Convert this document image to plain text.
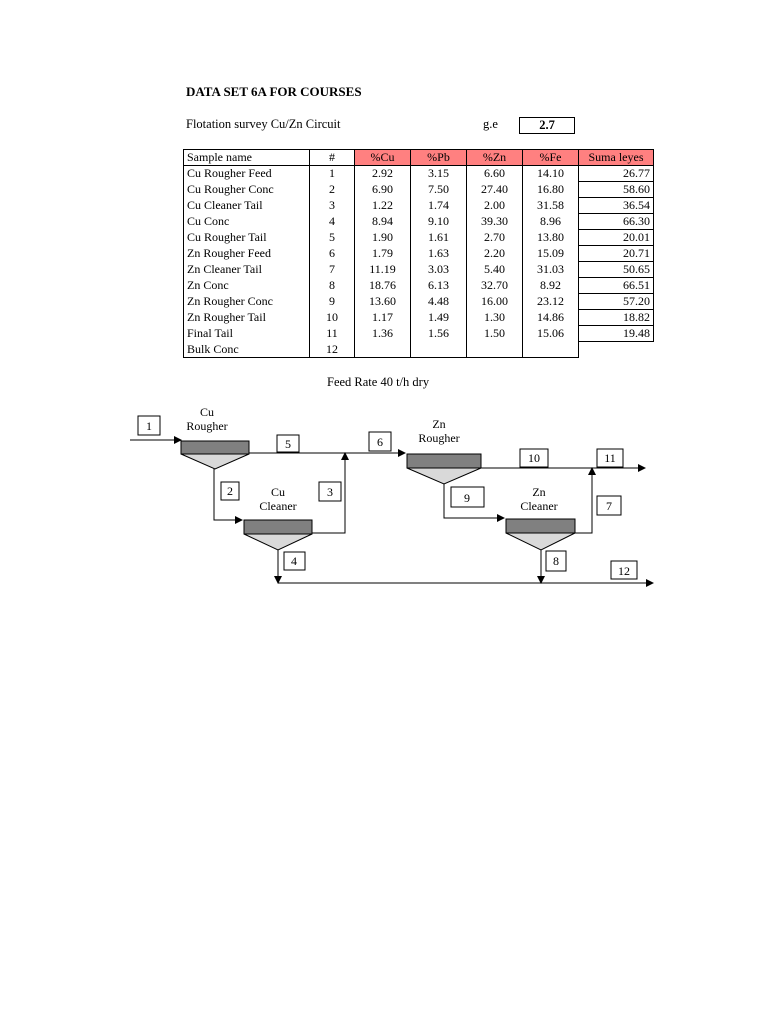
DATA SET 6A FOR COURSES
Flotation survey Cu/Zn Circuit	g.e	2.7
Sample name	#	%Cu	%Pb	%Zn	%Fe	Suma leyes
Cu Rougher Feed	1	2.92	3.15	6.60	14.10	26.77
Cu Rougher Conc	2	6.90	7.50	27.40	16.80	58.60
Cu Cleaner Tail	3	1.22	1.74	2.00	31.58	36.54
Cu Conc	4	8.94	9.10	39.30	8.96	66.30
Cu Rougher Tail	5	1.90	1.61	2.70	13.80	20.01
Zn Rougher Feed	6	1.79	1.63	2.20	15.09	20.71
Zn Cleaner Tail	7	11.19	3.03	5.40	31.03	50.65
Zn Conc	8	18.76	6.13	32.70	8.92	66.51
Zn Rougher Conc	9	13.60	4.48	16.00	23.12	57.20
Zn Rougher Tail	10	1.17	1.49	1.30	14.86	18.82
Final Tail	11	1.36	1.56	1.50	15.06	19.48
Bulk Conc	12					
Feed Rate 40 t/h dry
Cu
Rougher
Cu
Cleaner
Zn
Rougher
Zn
Cleaner
1
5	6
2	3
4
10	11
9
7
8
12
